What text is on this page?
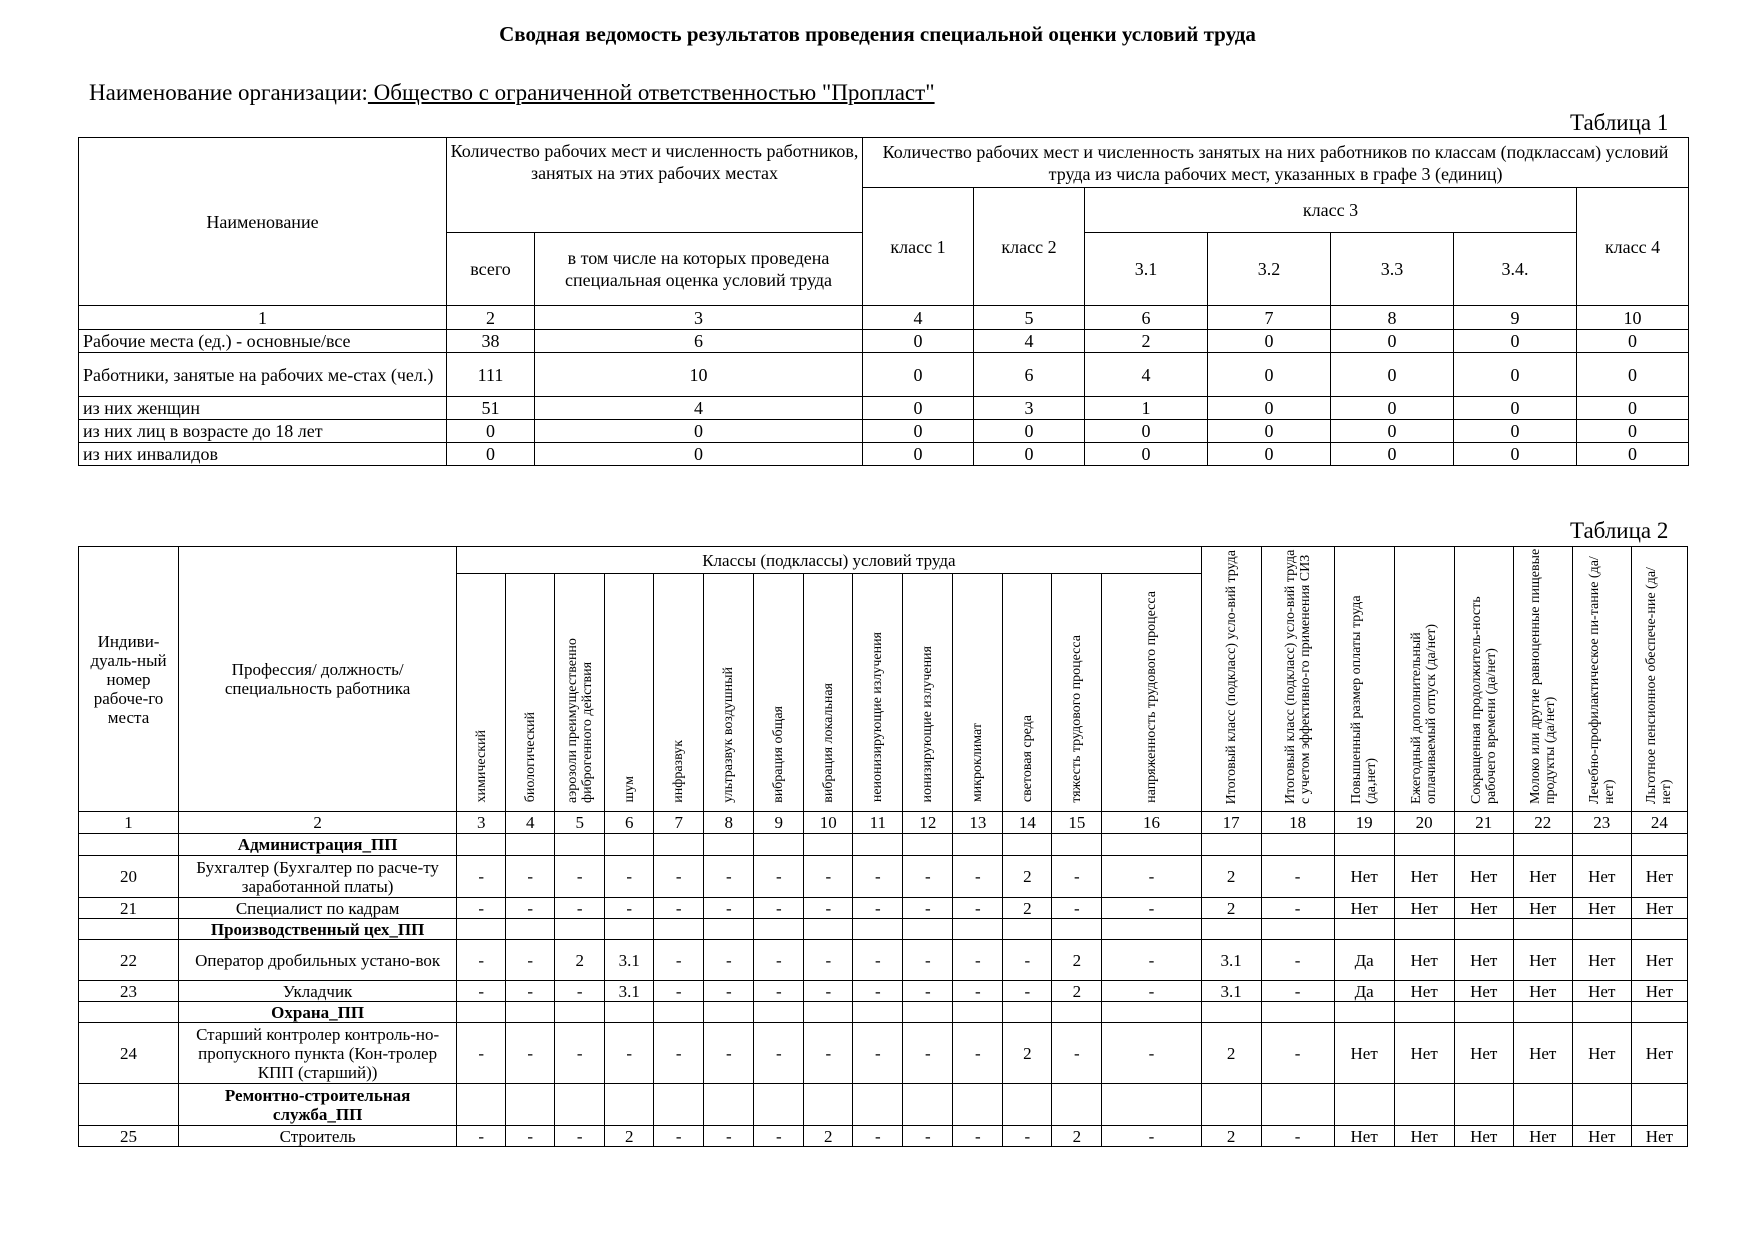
Сводная ведомость результатов проведения специальной оценки условий труда
Наименование организации: Общество с ограниченной ответственностью "Пропласт"
Таблица 1
Наименование	Количество рабочих мест и численность работников, занятых на этих рабочих местах		Количество рабочих мест и численность занятых на них работников по классам (подклассам) условий труда из числа рабочих мест, указанных в графе 3 (единиц)						
			класс 1	класс 2	класс 3				класс 4
	всего	в том числе на которых проведена специальная оценка условий труда			3.1	3.2	3.3	3.4.	
1	2	3	4	5	6	7	8	9	10
Рабочие места (ед.) - основные/все	38	6	0	4	2	0	0	0	0
Работники, занятые на рабочих ме-стах (чел.)	111	10	0	6	4	0	0	0	0
из них женщин	51	4	0	3	1	0	0	0	0
из них лиц в возрасте до 18 лет	0	0	0	0	0	0	0	0	0
из них инвалидов	0	0	0	0	0	0	0	0	0
Таблица 2
Индиви-дуаль-ный номер рабоче-го места	Профессия/ должность/ специальность работника	Классы (подклассы) условий труда														Итоговый класс (подкласс) усло-вий труда	Итоговый класс (подкласс) усло-вий труда с учетом эффективно-го применения СИЗ	Повышенный размер оплаты труда (да,нет)	Ежегодный дополнительный оплачиваемый отпуск (да/нет)	Сокращенная продолжитель-ность рабочего времени (да/нет)	Молоко или другие равноценные пищевые продукты (да/нет)	Лечебно-профилактическое пи-тание (да/нет)	Льготное пенсионное обеспече-ние (да/нет)

		химический	биологический	аэрозоли преимущественно фиброгенного действия	шум	инфразвук	ультразвук воздушный	вибрация общая	вибрация локальная	неионизирующие излучения	ионизирующие излучения	микроклимат	световая среда	тяжесть трудового процесса	напряженность трудового процесса								

1	2	3	4	5	6	7	8	9	10	11	12	13	14	15	16	17	18	19	20	21	22	23	24
	Администрация_ПП																						
20	Бухгалтер (Бухгалтер по расче-ту заработанной платы)	-	-	-	-	-	-	-	-	-	-	-	2	-	-	2	-	Нет	Нет	Нет	Нет	Нет	Нет
21	Специалист по кадрам	-	-	-	-	-	-	-	-	-	-	-	2	-	-	2	-	Нет	Нет	Нет	Нет	Нет	Нет
	Производственный цех_ПП																						
22	Оператор дробильных устано-вок	-	-	2	3.1	-	-	-	-	-	-	-	-	2	-	3.1	-	Да	Нет	Нет	Нет	Нет	Нет
23	Укладчик	-	-	-	3.1	-	-	-	-	-	-	-	-	2	-	3.1	-	Да	Нет	Нет	Нет	Нет	Нет
	Охрана_ПП																						
24	Старший контролер контроль-но-пропускного пункта (Кон-тролер КПП (старший))	-	-	-	-	-	-	-	-	-	-	-	2	-	-	2	-	Нет	Нет	Нет	Нет	Нет	Нет
	Ремонтно-строительная служба_ПП																						
25	Строитель	-	-	-	2	-	-	-	2	-	-	-	-	2	-	2	-	Нет	Нет	Нет	Нет	Нет	Нет
